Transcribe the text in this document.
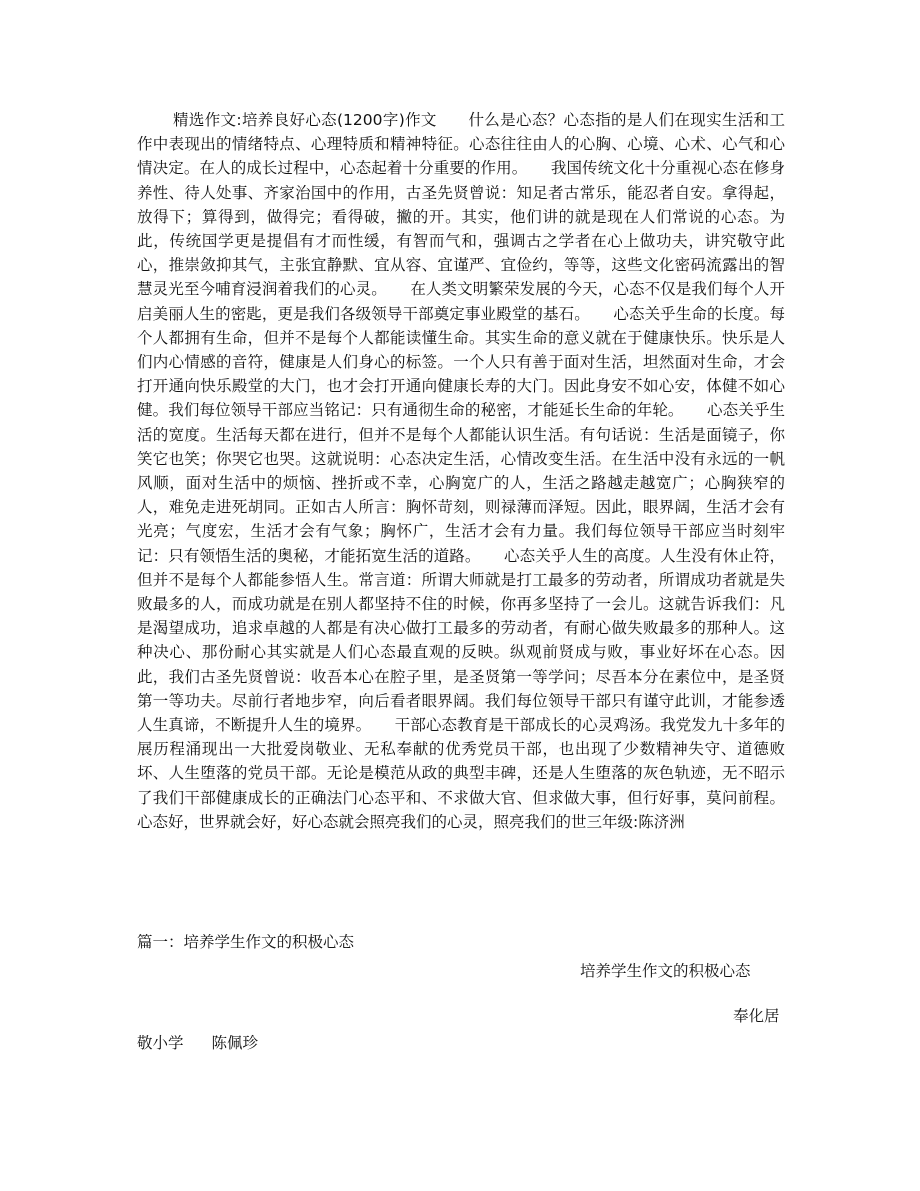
精选作文:培养良好心态(1200字)作文　　什么是心态？心态指的是人们在现实生活和工作中表现出的情绪特点、心理特质和精神特征。心态往往由人的心胸、心境、心术、心气和心情决定。在人的成长过程中，心态起着十分重要的作用。　　我国传统文化十分重视心态在修身养性、待人处事、齐家治国中的作用，古圣先贤曾说：知足者古常乐，能忍者自安。拿得起，放得下；算得到，做得完；看得破，撇的开。其实，他们讲的就是现在人们常说的心态。为此，传统国学更是提倡有才而性缓，有智而气和，强调古之学者在心上做功夫，讲究敬守此心，推崇敛抑其气，主张宜静默、宜从容、宜谨严、宜俭约，等等，这些文化密码流露出的智慧灵光至今哺育浸润着我们的心灵。　　在人类文明繁荣发展的今天，心态不仅是我们每个人开启美丽人生的密匙，更是我们各级领导干部奠定事业殿堂的基石。　　心态关乎生命的长度。每个人都拥有生命，但并不是每个人都能读懂生命。其实生命的意义就在于健康快乐。快乐是人们内心情感的音符，健康是人们身心的标签。一个人只有善于面对生活，坦然面对生命，才会打开通向快乐殿堂的大门，也才会打开通向健康长寿的大门。因此身安不如心安，体健不如心健。我们每位领导干部应当铭记：只有通彻生命的秘密，才能延长生命的年轮。　　心态关乎生活的宽度。生活每天都在进行，但并不是每个人都能认识生活。有句话说：生活是面镜子，你笑它也笑；你哭它也哭。这就说明：心态决定生活，心情改变生活。在生活中没有永远的一帆风顺，面对生活中的烦恼、挫折或不幸，心胸宽广的人，生活之路越走越宽广；心胸狭窄的人，难免走进死胡同。正如古人所言：胸怀苛刻，则禄薄而泽短。因此，眼界阔，生活才会有光亮；气度宏，生活才会有气象；胸怀广，生活才会有力量。我们每位领导干部应当时刻牢记：只有领悟生活的奥秘，才能拓宽生活的道路。　　心态关乎人生的高度。人生没有休止符，但并不是每个人都能参悟人生。常言道：所谓大师就是打工最多的劳动者，所谓成功者就是失败最多的人，而成功就是在别人都坚持不住的时候，你再多坚持了一会儿。这就告诉我们：凡是渴望成功，追求卓越的人都是有决心做打工最多的劳动者，有耐心做失败最多的那种人。这种决心、那份耐心其实就是人们心态最直观的反映。纵观前贤成与败，事业好坏在心态。因此，我们古圣先贤曾说：收吾本心在腔子里，是圣贤第一等学问；尽吾本分在素位中，是圣贤第一等功夫。尽前行者地步窄，向后看者眼界阔。我们每位领导干部只有谨守此训，才能参透人生真谛，不断提升人生的境界。　　干部心态教育是干部成长的心灵鸡汤。我党发九十多年的展历程涌现出一大批爱岗敬业、无私奉献的优秀党员干部，也出现了少数精神失守、道德败坏、人生堕落的党员干部。无论是模范从政的典型丰碑，还是人生堕落的灰色轨迹，无不昭示了我们干部健康成长的正确法门心态平和、不求做大官、但求做大事，但行好事，莫问前程。心态好，世界就会好，好心态就会照亮我们的心灵，照亮我们的世三年级:陈济洲

篇一：培养学生作文的积极心态

培养学生作文的积极心态

奉化居

敬小学 陈佩珍
